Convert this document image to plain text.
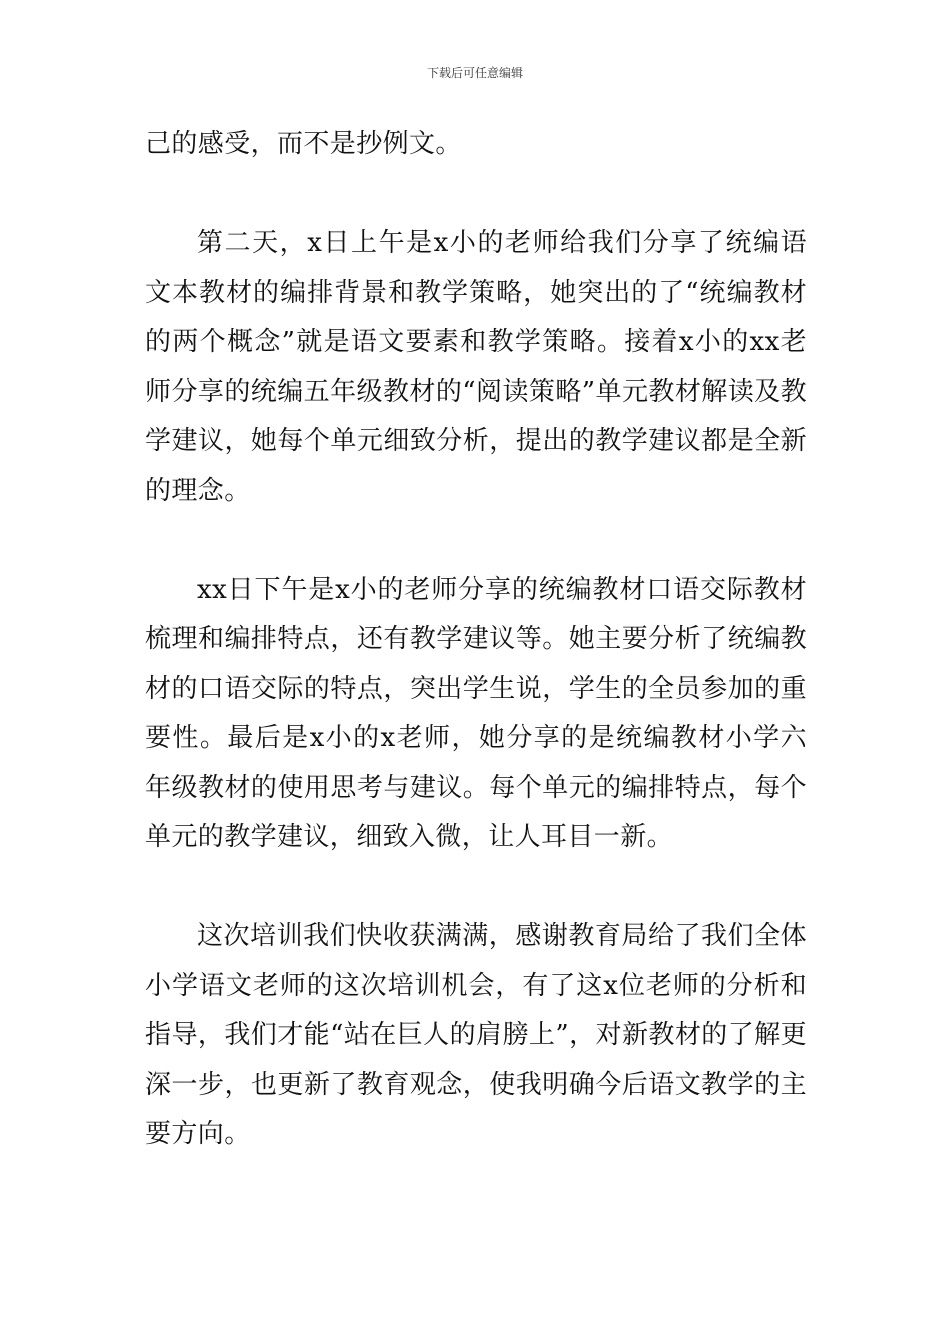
下载后可任意编辑

己的感受，而不是抄例文。

第二天，x日上午是x小的老师给我们分享了统编语文本教材的编排背景和教学策略，她突出的了“统编教材的两个概念”就是语文要素和教学策略。接着x小的xx老师分享的统编五年级教材的“阅读策略”单元教材解读及教学建议，她每个单元细致分析，提出的教学建议都是全新的理念。

xx日下午是x小的老师分享的统编教材口语交际教材梳理和编排特点，还有教学建议等。她主要分析了统编教材的口语交际的特点，突出学生说，学生的全员参加的重要性。最后是x小的x老师，她分享的是统编教材小学六年级教材的使用思考与建议。每个单元的编排特点，每个单元的教学建议，细致入微，让人耳目一新。

这次培训我们快收获满满，感谢教育局给了我们全体小学语文老师的这次培训机会，有了这x位老师的分析和指导，我们才能“站在巨人的肩膀上”，对新教材的了解更深一步，也更新了教育观念，使我明确今后语文教学的主要方向。
